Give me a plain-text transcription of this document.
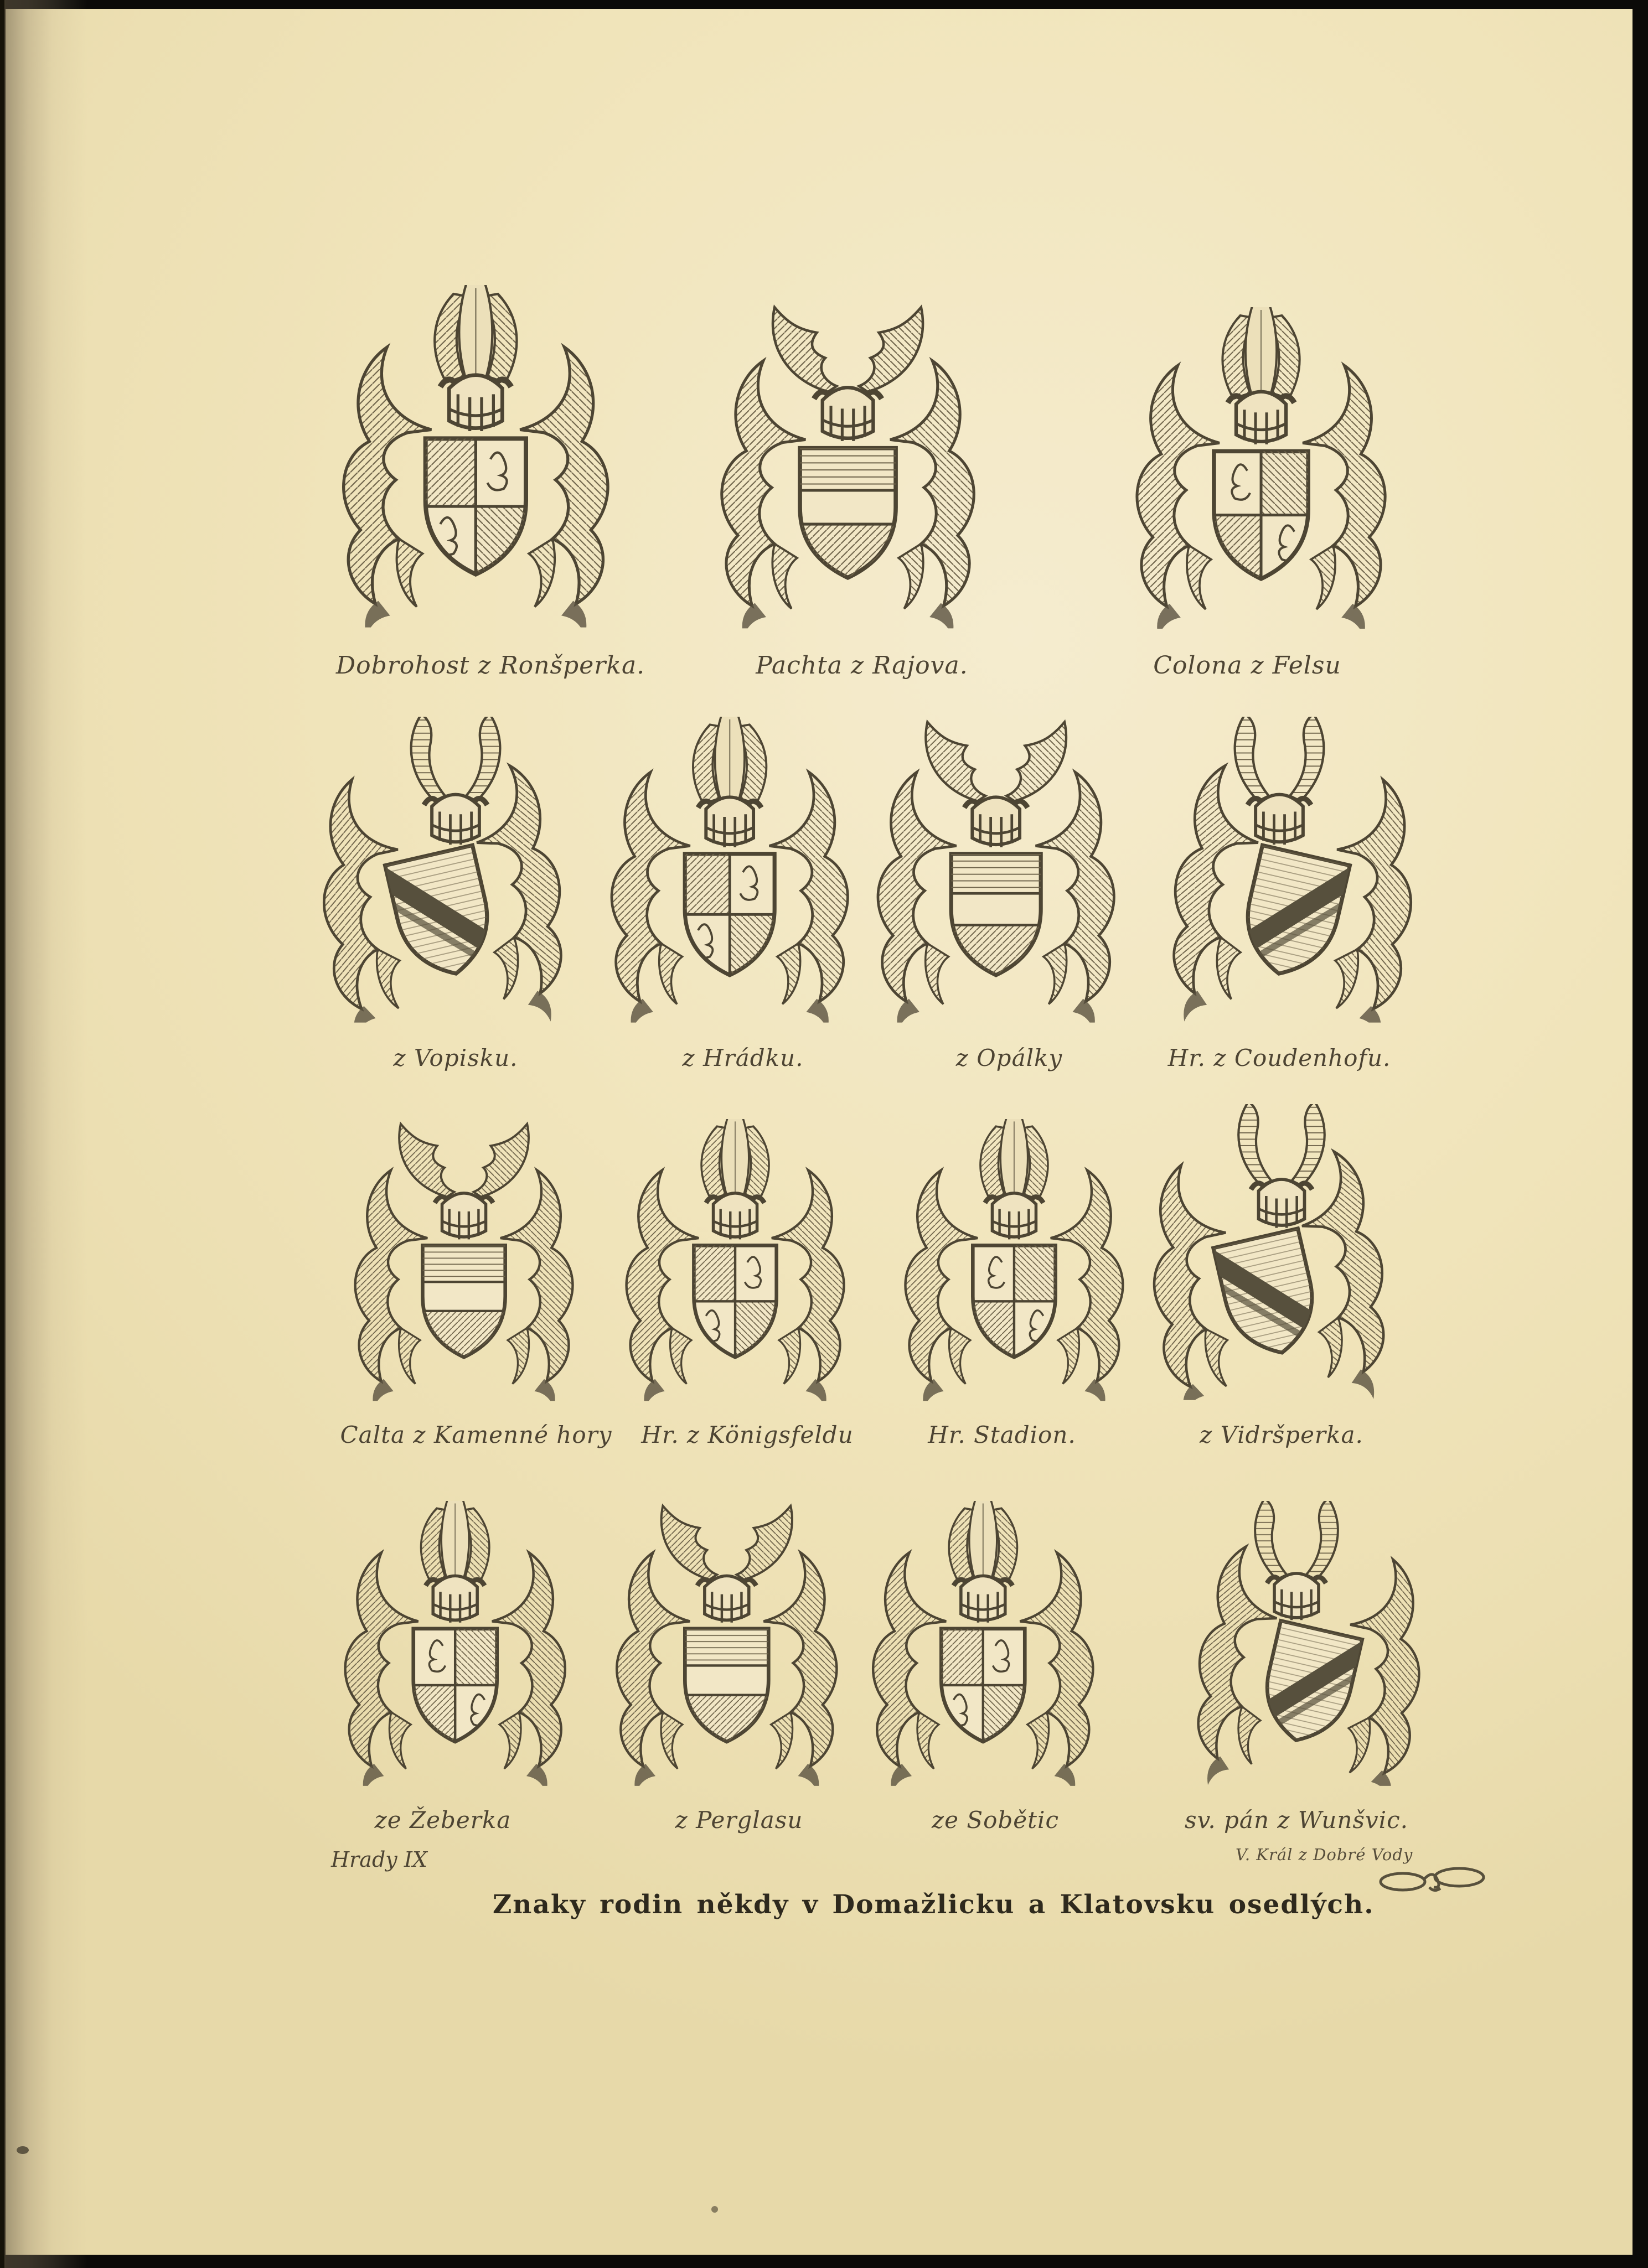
Dobrohost z Ronšperka.	Pachta z Rajova.	Colona z Felsu
z Vopisku.	z Hrádku.	z Opálky	Hr. z Coudenhofu.
Calta z Kamenné hory	Hr. z Königsfeldu	Hr. Stadion.	z Vidršperka.
ze Žeberka	z Perglasu	ze Sobětic	sv. pán z Wunšvic.
Hrady IX	V. Král z Dobré Vody
Znaky rodin někdy v Domažlicku a Klatovsku osedlých.
